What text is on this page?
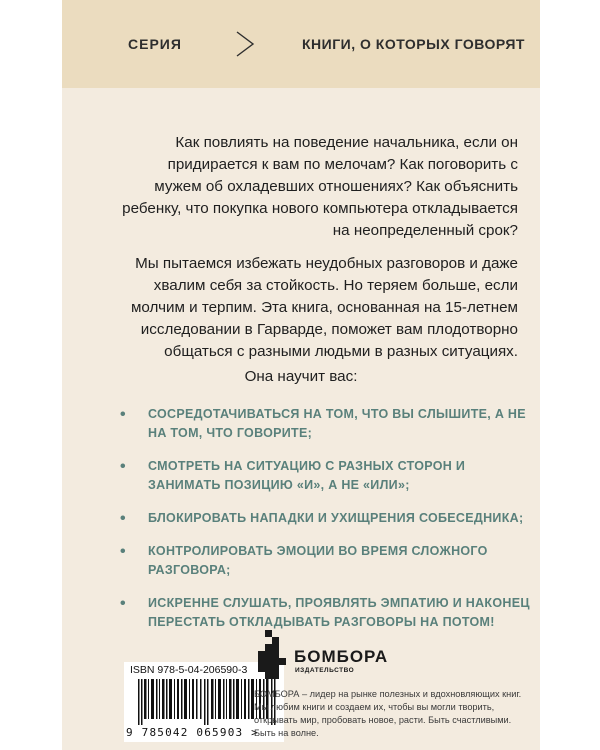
СЕРИЯ	КНИГИ, О КОТОРЫХ ГОВОРЯТ

Как повлиять на поведение начальника, если он придирается к вам по мелочам? Как поговорить с мужем об охладевших отношениях? Как объяснить ребенку, что покупка нового компьютера откладывается на неопределенный срок?

Мы пытаемся избежать неудобных разговоров и даже хвалим себя за стойкость. Но теряем больше, если молчим и терпим. Эта книга, основанная на 15-летнем исследовании в Гарварде, поможет вам плодотворно общаться с разными людьми в разных ситуациях.

Она научит вас:
• СОСРЕДОТАЧИВАТЬСЯ НА ТОМ, ЧТО ВЫ СЛЫШИТЕ, А НЕ НА ТОМ, ЧТО ГОВОРИТЕ;
• СМОТРЕТЬ НА СИТУАЦИЮ С РАЗНЫХ СТОРОН И ЗАНИМАТЬ ПОЗИЦИЮ «И», А НЕ «ИЛИ»;
• БЛОКИРОВАТЬ НАПАДКИ И УХИЩРЕНИЯ СОБЕСЕДНИКА;
• КОНТРОЛИРОВАТЬ ЭМОЦИИ ВО ВРЕМЯ СЛОЖНОГО РАЗГОВОРА;
• ИСКРЕННЕ СЛУШАТЬ, ПРОЯВЛЯТЬ ЭМПАТИЮ И НАКОНЕЦ ПЕРЕСТАТЬ ОТКЛАДЫВАТЬ РАЗГОВОРЫ НА ПОТОМ!
ISBN 978-5-04-206590-3
9 785042 065903 >
БОМБОРА
ИЗДАТЕЛЬСТВО

БОМБОРА – лидер на рынке полезных и вдохновляющих книг. Мы любим книги и создаем их, чтобы вы могли творить, открывать мир, пробовать новое, расти. Быть счастливыми. Быть на волне.
